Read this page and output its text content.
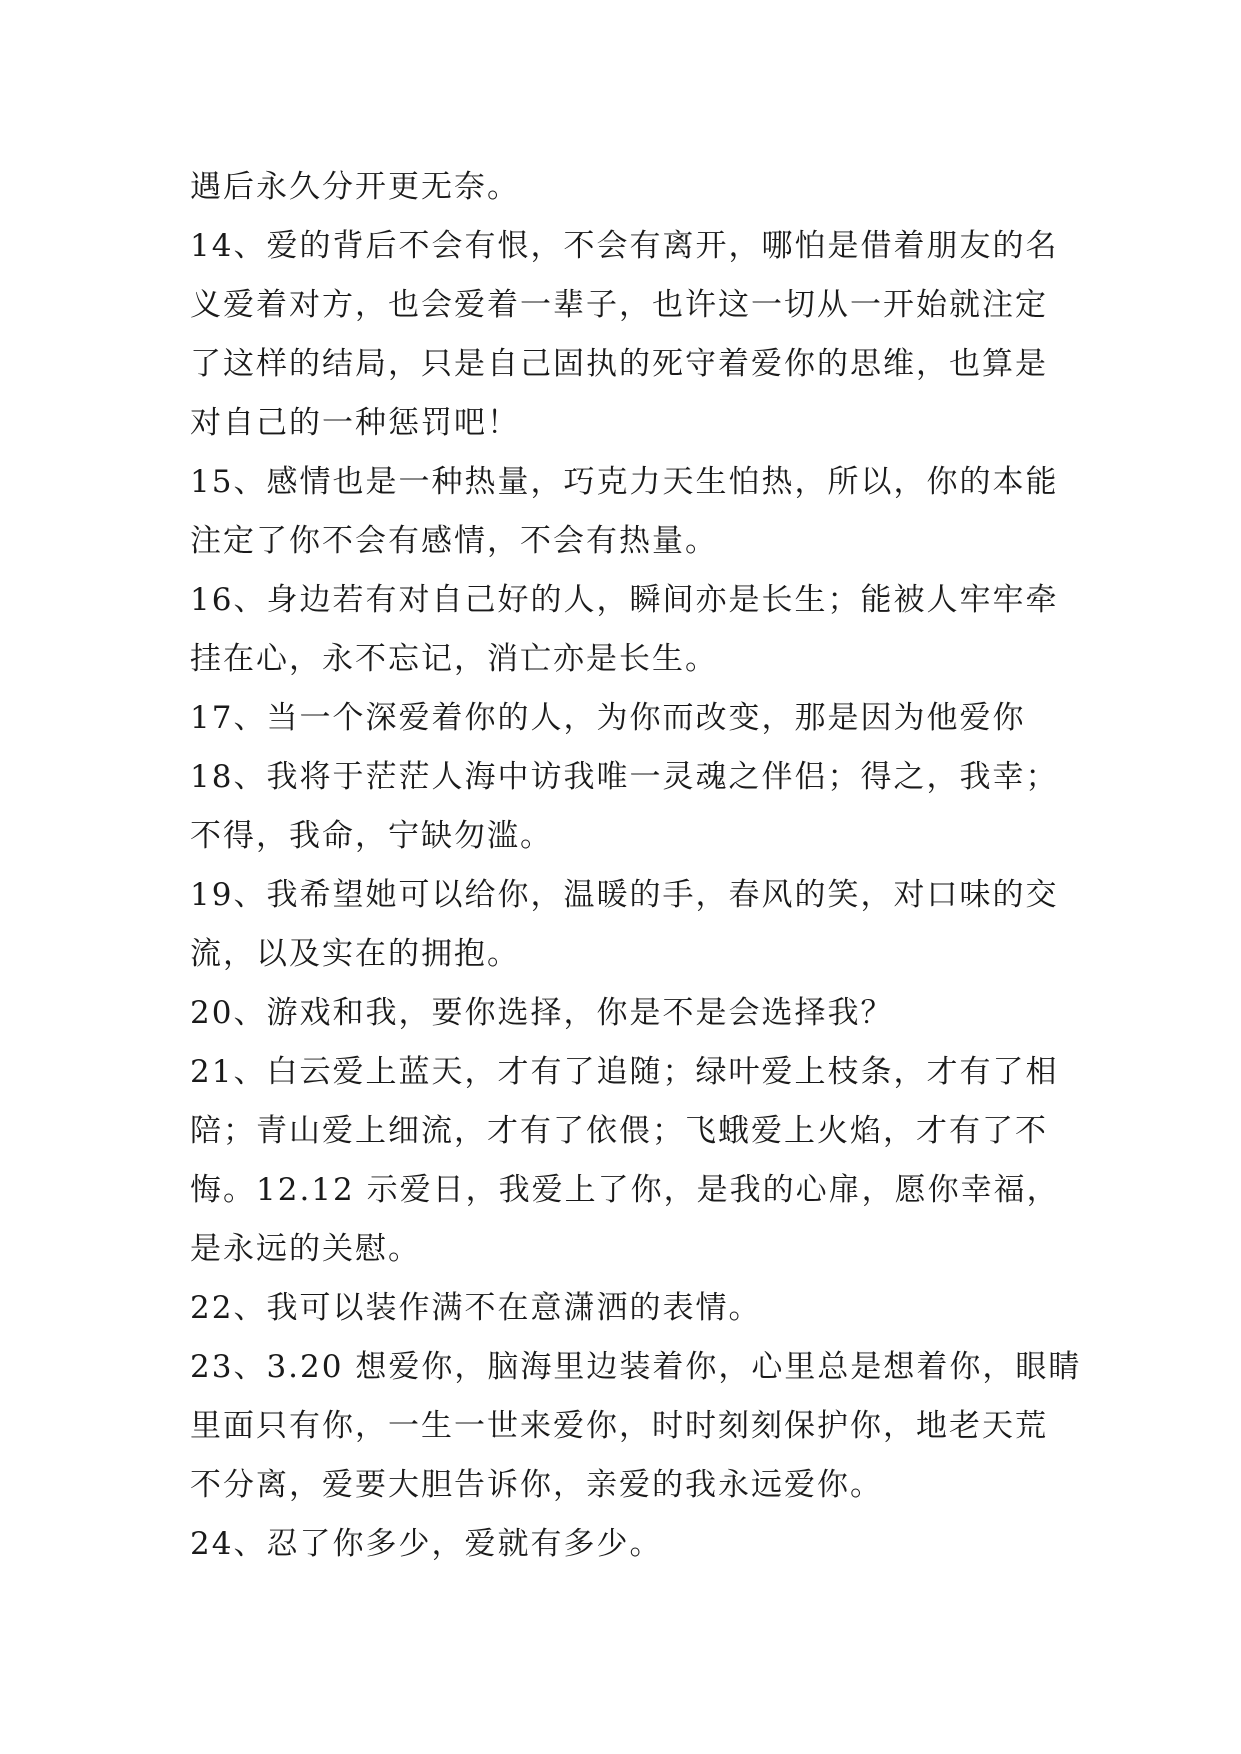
遇后永久分开更无奈。
14、爱的背后不会有恨，不会有离开，哪怕是借着朋友的名
义爱着对方，也会爱着一辈子，也许这一切从一开始就注定
了这样的结局，只是自己固执的死守着爱你的思维，也算是
对自己的一种惩罚吧！
15、感情也是一种热量，巧克力天生怕热，所以，你的本能
注定了你不会有感情，不会有热量。
16、身边若有对自己好的人，瞬间亦是长生；能被人牢牢牵
挂在心，永不忘记，消亡亦是长生。
17、当一个深爱着你的人，为你而改变，那是因为他爱你
18、我将于茫茫人海中访我唯一灵魂之伴侣；得之，我幸；
不得，我命，宁缺勿滥。
19、我希望她可以给你，温暖的手，春风的笑，对口味的交
流，以及实在的拥抱。
20、游戏和我，要你选择，你是不是会选择我？
21、白云爱上蓝天，才有了追随；绿叶爱上枝条，才有了相
陪；青山爱上细流，才有了依偎；飞蛾爱上火焰，才有了不
悔。12.12 示爱日，我爱上了你，是我的心扉，愿你幸福，
是永远的关慰。
22、我可以装作满不在意潇洒的表情。
23、3.20 想爱你，脑海里边装着你，心里总是想着你，眼睛
里面只有你，一生一世来爱你，时时刻刻保护你，地老天荒
不分离，爱要大胆告诉你，亲爱的我永远爱你。
24、忍了你多少，爱就有多少。
